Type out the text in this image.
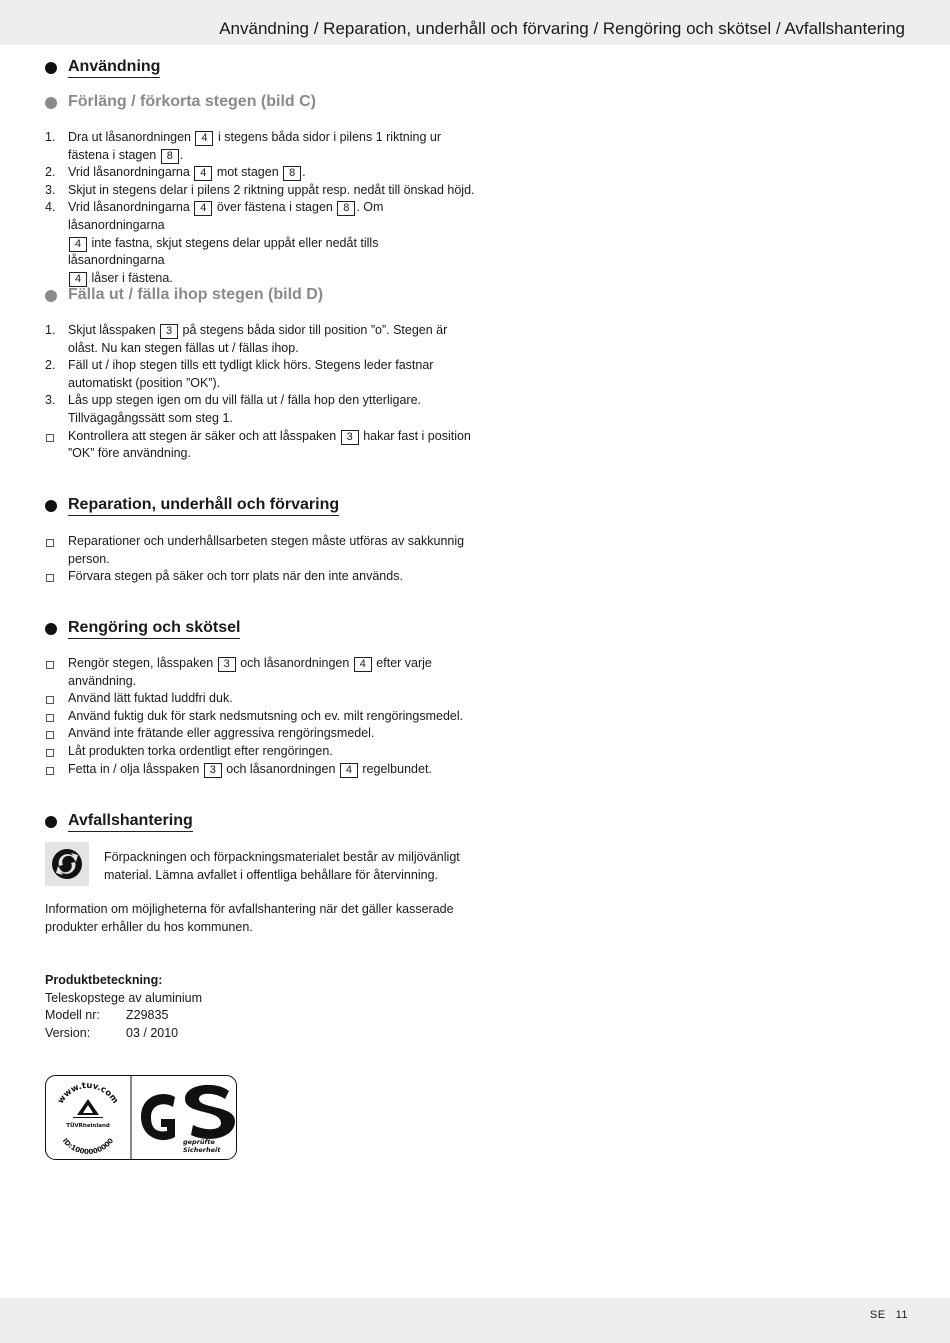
Användning / Reparation, underhåll och förvaring / Rengöring och skötsel / Avfallshantering
Användning
Förläng / förkorta stegen (bild C)
1. Dra ut låsanordningen 4 i stegens båda sidor i pilens 1 riktning ur
fästena i stagen 8 .
2. Vrid låsanordningarna 4 mot stagen 8 .
3. Skjut in stegens delar i pilens 2 riktning uppåt resp. nedåt till önskad höjd.
4. Vrid låsanordningarna 4 över fästena i stagen 8 . Om låsanordningarna
4 inte fastna, skjut stegens delar uppåt eller nedåt tills låsanordningarna
4 låser i fästena.
Fälla ut / fälla ihop stegen (bild D)
1. Skjut låsspaken 3 på stegens båda sidor till position ”o”. Stegen är olåst. Nu kan stegen fällas ut / fällas ihop.
2. Fäll ut / ihop stegen tills ett tydligt klick hörs. Stegens leder fastnar automatiskt (position ”OK”).
3. Lås upp stegen igen om du vill fälla ut / fälla hop den ytterligare. Tillvägagångssätt som steg 1.
Kontrollera att stegen är säker och att låsspaken 3 hakar fast i position ”OK” före användning.
Reparation, underhåll och förvaring
Reparationer och underhållsarbeten stegen måste utföras av sakkunnig person.
Förvara stegen på säker och torr plats när den inte används.
Rengöring och skötsel
Rengör stegen, låsspaken 3 och låsanordningen 4 efter varje användning.
Använd lätt fuktad luddfri duk.
Använd fuktig duk för stark nedsmutsning och ev. milt rengöringsmedel.
Använd inte frätande eller aggressiva rengöringsmedel.
Låt produkten torka ordentligt efter rengöringen.
Fetta in / olja låsspaken 3 och låsanordningen 4 regelbundet.
Avfallshantering

Förpackningen och förpackningsmaterialet består av miljövänligt material. Lämna avfallet i offentliga behållare för återvinning.

Information om möjligheterna för avfallshantering när det gäller kasserade produkter erhåller du hos kommunen.

Produktbeteckning:
Teleskopstege av aluminium
Modell nr: Z29835
Version:	03 / 2010
www.tuv.com
ID:1000000000
TÜVRheinland
geprüfte
Sicherheit
SE 11
